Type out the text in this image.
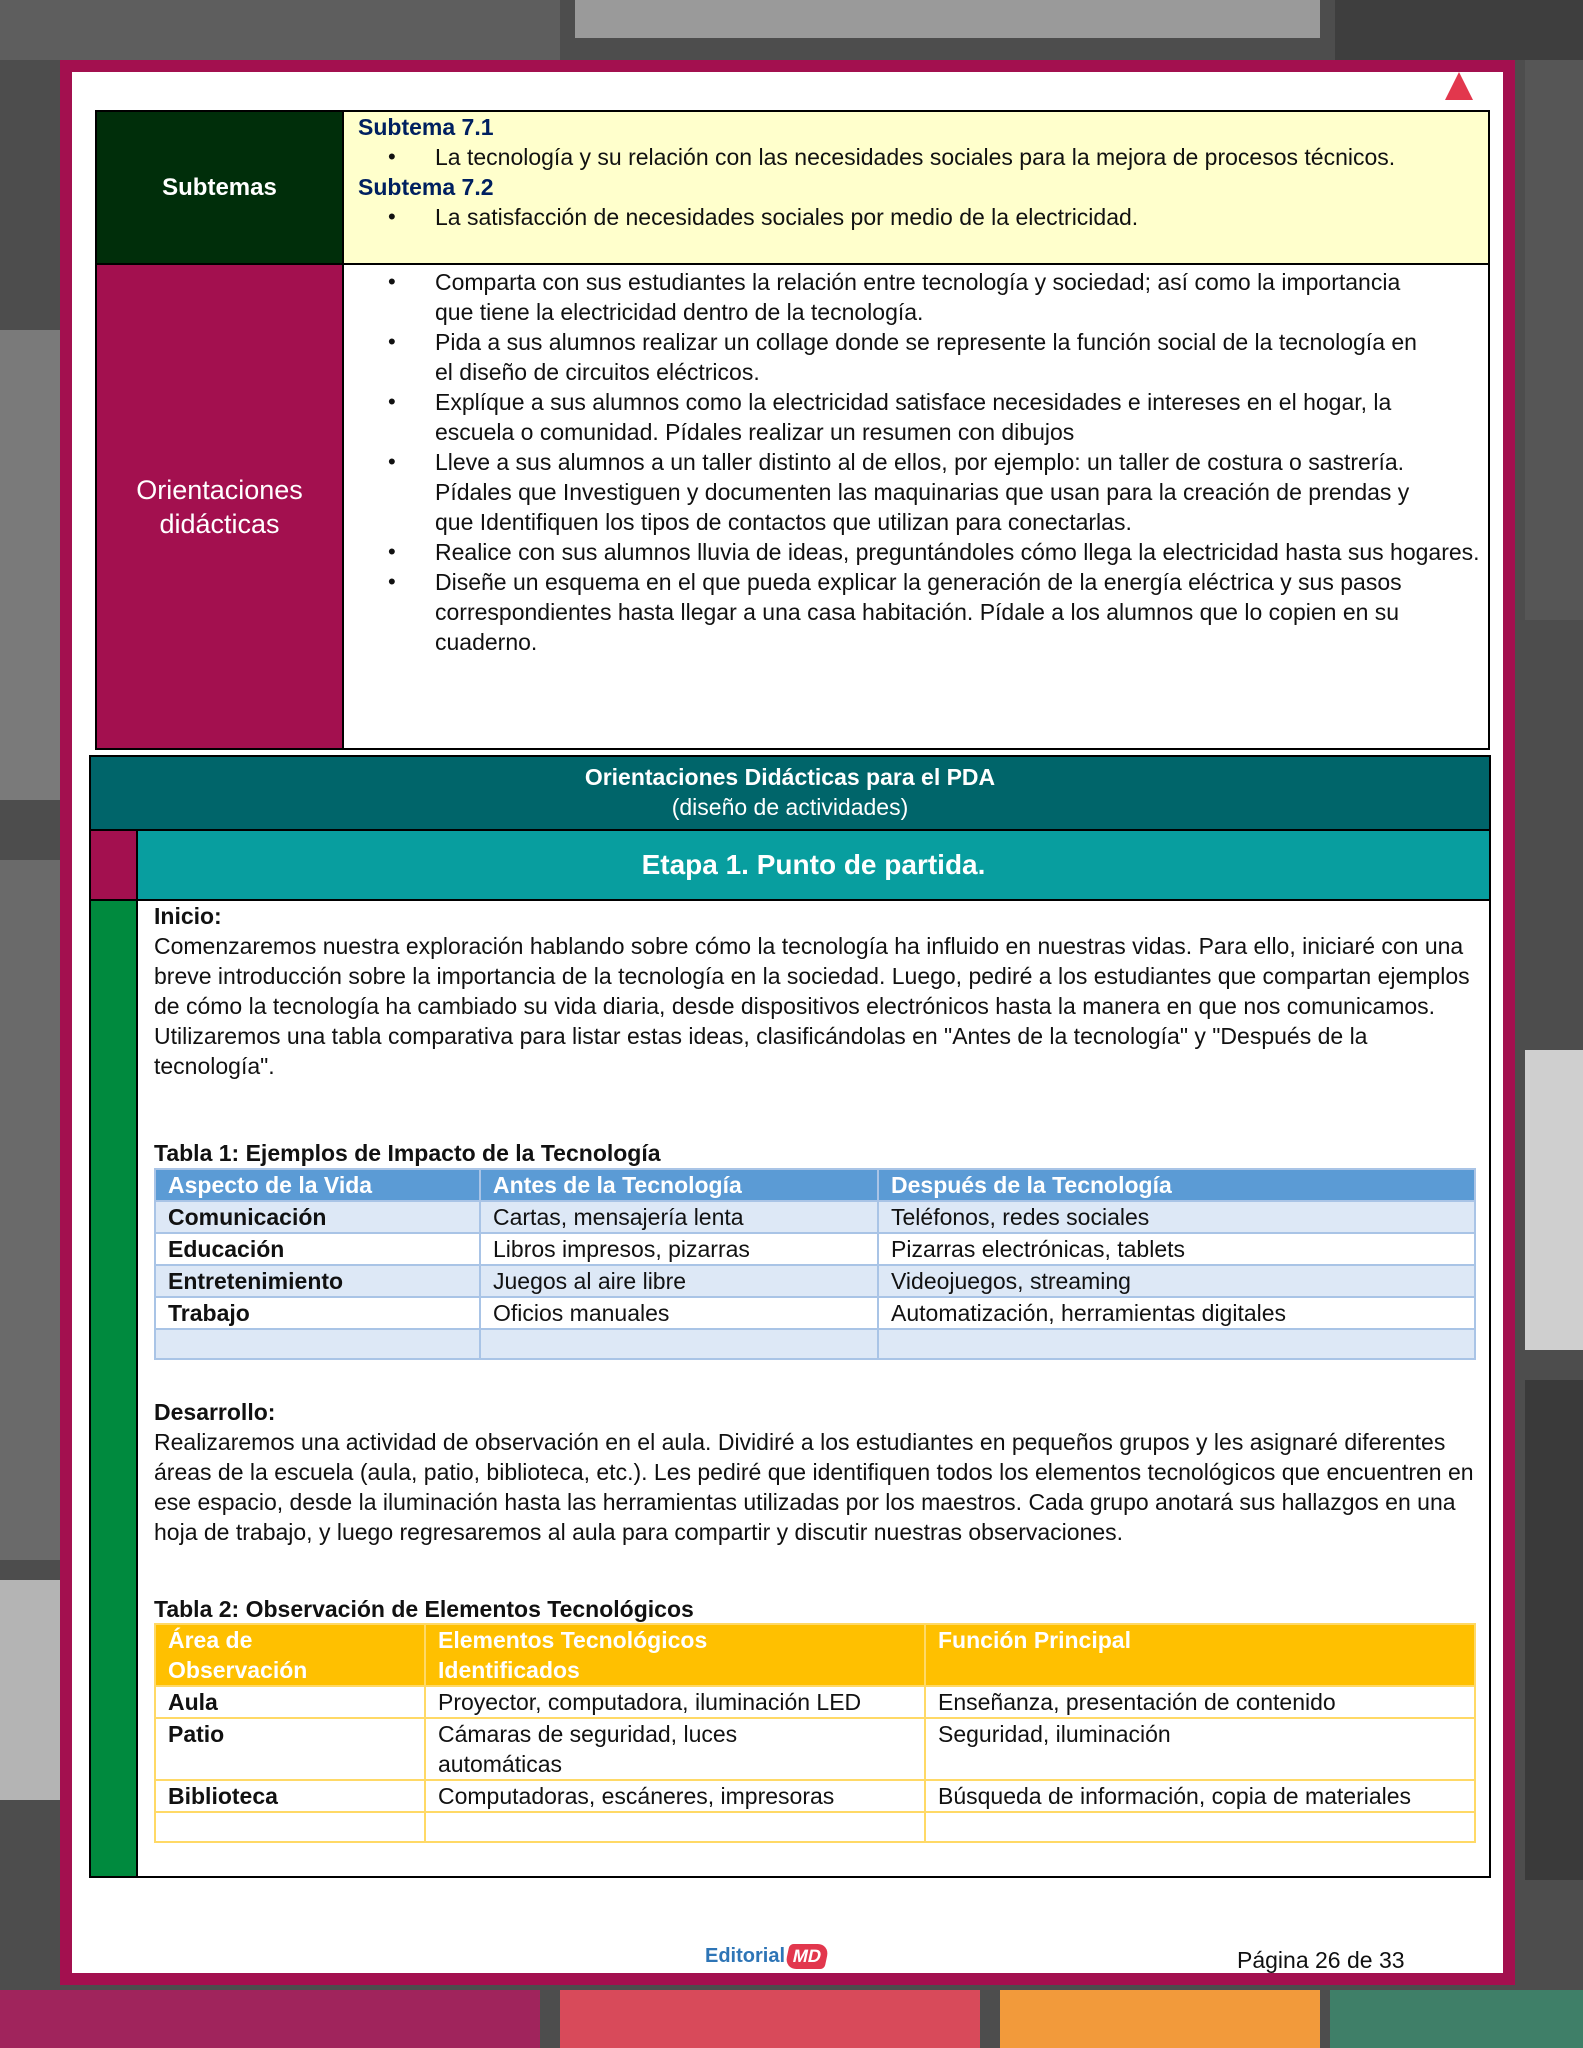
Subtemas
Subtema 7.1
• La tecnología y su relación con las necesidades sociales para la mejora de procesos técnicos.
Subtema 7.2
• La satisfacción de necesidades sociales por medio de la electricidad.
Orientaciones
didácticas
• Comparta con sus estudiantes la relación entre tecnología y sociedad; así como la importancia que tiene la electricidad dentro de la tecnología.
• Pida a sus alumnos realizar un collage donde se represente la función social de la tecnología en el diseño de circuitos eléctricos.
• Explíque a sus alumnos como la electricidad satisface necesidades e intereses en el hogar, la escuela o comunidad. Pídales realizar un resumen con dibujos
• Lleve a sus alumnos a un taller distinto al de ellos, por ejemplo: un taller de costura o sastrería. Pídales que Investiguen y documenten las maquinarias que usan para la creación de prendas y que Identifiquen los tipos de contactos que utilizan para conectarlas.
• Realice con sus alumnos lluvia de ideas, preguntándoles cómo llega la electricidad hasta sus hogares.
• Diseñe un esquema en el que pueda explicar la generación de la energía eléctrica y sus pasos correspondientes hasta llegar a una casa habitación. Pídale a los alumnos que lo copien en su cuaderno.
Orientaciones Didácticas para el PDA
(diseño de actividades)
Etapa 1. Punto de partida.
Inicio:
Comenzaremos nuestra exploración hablando sobre cómo la tecnología ha influido en nuestras vidas. Para ello, iniciaré con una breve introducción sobre la importancia de la tecnología en la sociedad. Luego, pediré a los estudiantes que compartan ejemplos de cómo la tecnología ha cambiado su vida diaria, desde dispositivos electrónicos hasta la manera en que nos comunicamos. Utilizaremos una tabla comparativa para listar estas ideas, clasificándolas en "Antes de la tecnología" y "Después de la tecnología".
Tabla 1: Ejemplos de Impacto de la Tecnología
Aspecto de la Vida	Antes de la Tecnología	Después de la Tecnología
Comunicación	Cartas, mensajería lenta	Teléfonos, redes sociales
Educación	Libros impresos, pizarras	Pizarras electrónicas, tablets
Entretenimiento	Juegos al aire libre	Videojuegos, streaming
Trabajo	Oficios manuales	Automatización, herramientas digitales

Desarrollo:
Realizaremos una actividad de observación en el aula. Dividiré a los estudiantes en pequeños grupos y les asignaré diferentes áreas de la escuela (aula, patio, biblioteca, etc.). Les pediré que identifiquen todos los elementos tecnológicos que encuentren en ese espacio, desde la iluminación hasta las herramientas utilizadas por los maestros. Cada grupo anotará sus hallazgos en una hoja de trabajo, y luego regresaremos al aula para compartir y discutir nuestras observaciones.
Tabla 2: Observación de Elementos Tecnológicos
Área de Observación	Elementos Tecnológicos Identificados	Función Principal
Aula	Proyector, computadora, iluminación LED	Enseñanza, presentación de contenido
Patio	Cámaras de seguridad, luces automáticas	Seguridad, iluminación
Biblioteca	Computadoras, escáneres, impresoras	Búsqueda de información, copia de materiales

Editorial MD	Página 26 de 33
